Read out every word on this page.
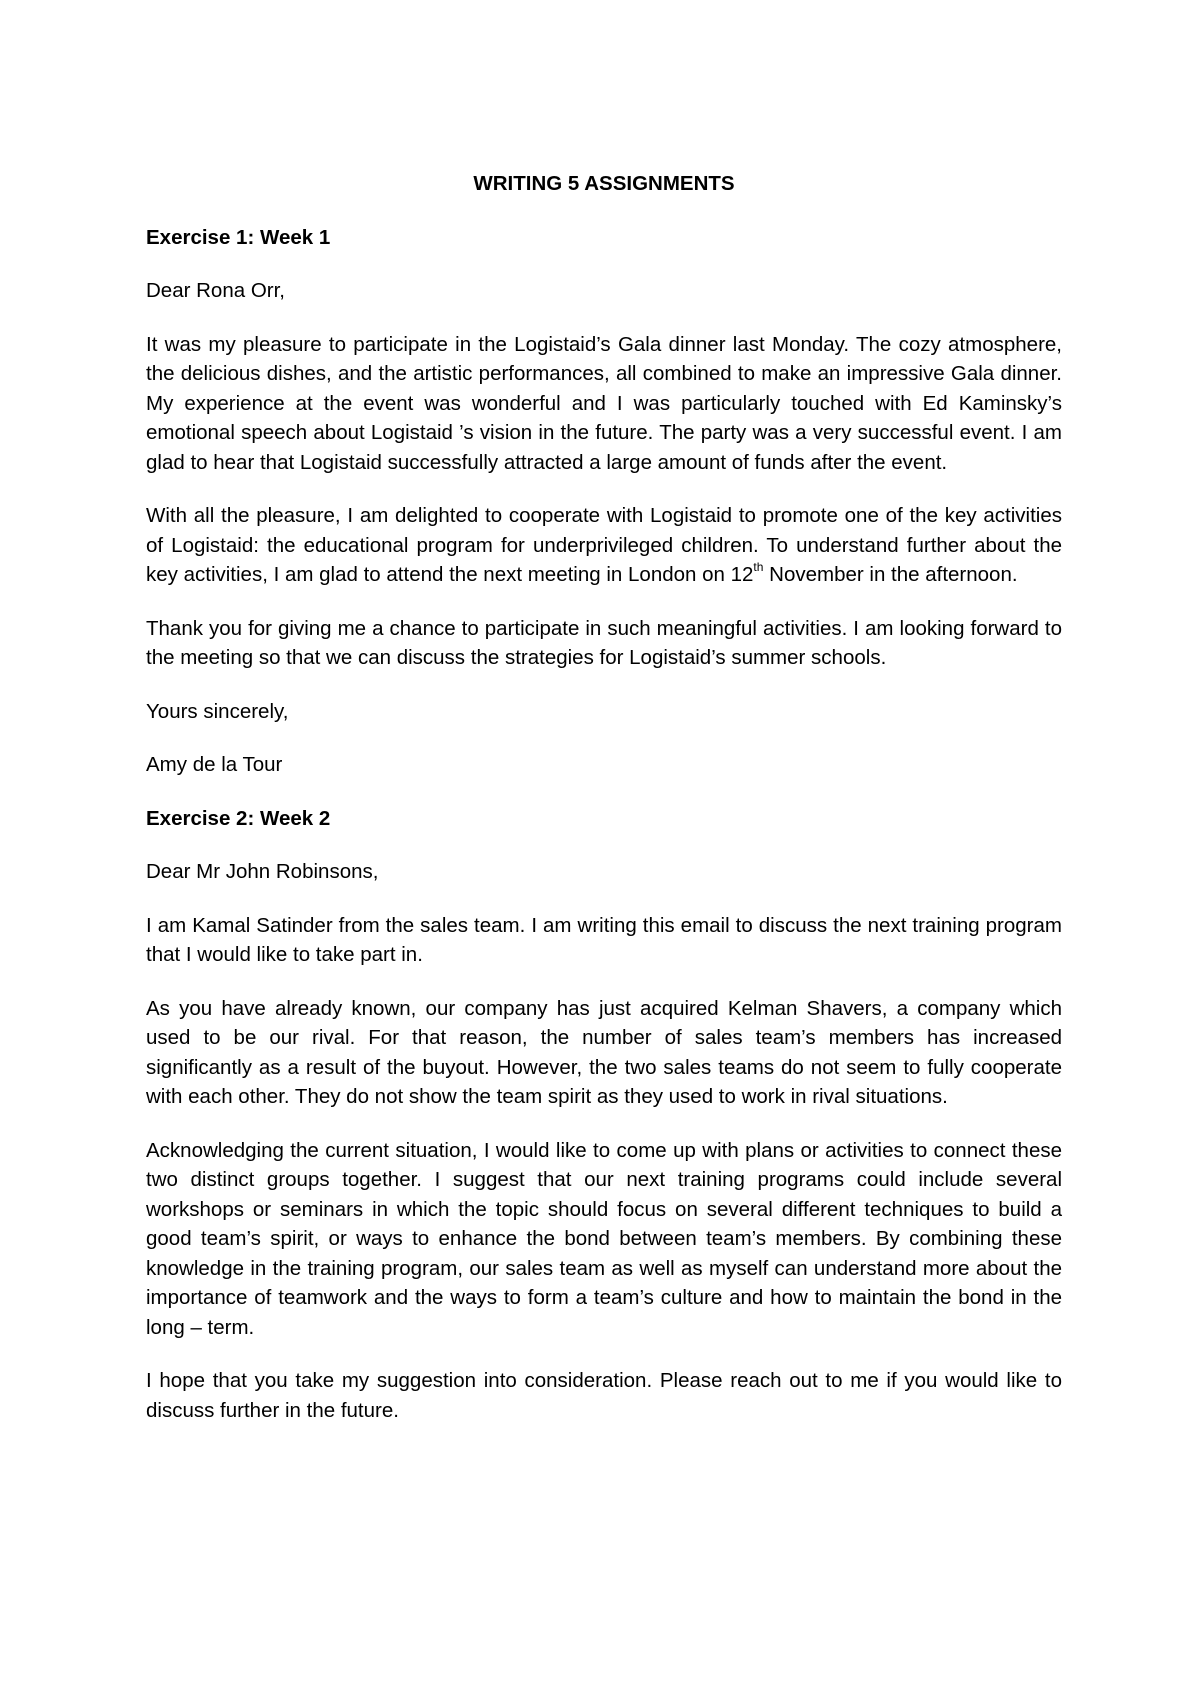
WRITING 5 ASSIGNMENTS
Exercise 1: Week 1
Dear Rona Orr,
It was my pleasure to participate in the Logistaid’s Gala dinner last Monday. The cozy atmosphere, the delicious dishes, and the artistic performances, all combined to make an impressive Gala dinner. My experience at the event was wonderful and I was particularly touched with Ed Kaminsky’s emotional speech about Logistaid ’s vision in the future. The party was a very successful event. I am glad to hear that Logistaid successfully attracted a large amount of funds after the event.
With all the pleasure, I am delighted to cooperate with Logistaid to promote one of the key activities of Logistaid: the educational program for underprivileged children. To understand further about the key activities, I am glad to attend the next meeting in London on 12th November in the afternoon.
Thank you for giving me a chance to participate in such meaningful activities. I am looking forward to the meeting so that we can discuss the strategies for Logistaid’s summer schools.
Yours sincerely,
Amy de la Tour
Exercise 2: Week 2
Dear Mr John Robinsons,
I am Kamal Satinder from the sales team. I am writing this email to discuss the next training program that I would like to take part in.
As you have already known, our company has just acquired Kelman Shavers, a company which used to be our rival. For that reason, the number of sales team’s members has increased significantly as a result of the buyout. However, the two sales teams do not seem to fully cooperate with each other. They do not show the team spirit as they used to work in rival situations.
Acknowledging the current situation, I would like to come up with plans or activities to connect these two distinct groups together. I suggest that our next training programs could include several workshops or seminars in which the topic should focus on several different techniques to build a good team’s spirit, or ways to enhance the bond between team’s members. By combining these knowledge in the training program, our sales team as well as myself can understand more about the importance of teamwork and the ways to form a team’s culture and how to maintain the bond in the long – term.
I hope that you take my suggestion into consideration. Please reach out to me if you would like to discuss further in the future.
